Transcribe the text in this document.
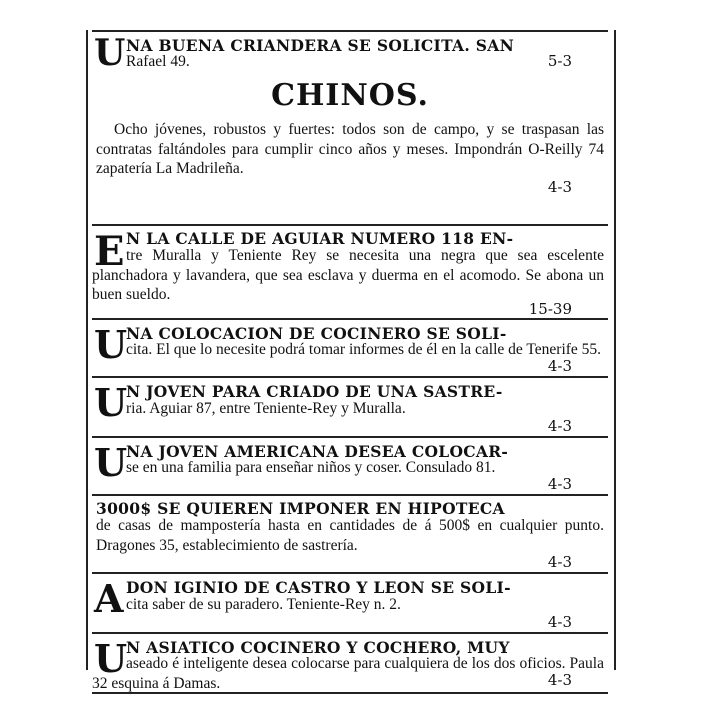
U NA BUENA CRIANDERA SE SOLICITA. SAN
Rafael 49.	5-3
CHINOS.
Ocho jóvenes, robustos y fuertes: todos son de campo, y se traspasan las contratas faltándoles para cumplir cinco años y meses. Impondrán O-Reilly 74 zapatería La Madrileña.
4-3
E N LA CALLE DE AGUIAR NUMERO 118 EN-
tre Muralla y Teniente Rey se necesita una negra que sea escelente planchadora y lavandera, que sea esclava y duerma en el acomodo. Se abona un buen sueldo.
15-39
U
NA COLOCACION DE COCINERO SE SOLI-
cita. El que lo necesite podrá tomar informes de él en la calle de Tenerife 55.
4-3
U
N JOVEN PARA CRIADO DE UNA SASTRE-
ria. Aguiar 87, entre Teniente-Rey y Muralla.
4-3
U
NA JOVEN AMERICANA DESEA COLOCAR-
se en una familia para enseñar niños y coser. Consulado 81.
4-3
3000$ SE QUIEREN IMPONER EN HIPOTECA
de casas de mampostería hasta en cantidades de á 500$ en cualquier punto. Dragones 35, establecimiento de sastrería.
4-3
A DON IGINIO DE CASTRO Y LEON SE SOLI-
cita saber de su paradero. Teniente-Rey n. 2.
4-3
U
N ASIATICO COCINERO Y COCHERO, MUY
aseado é inteligente desea colocarse para cualquiera de los dos oficios. Paula 32 esquina á Damas.	4-3
